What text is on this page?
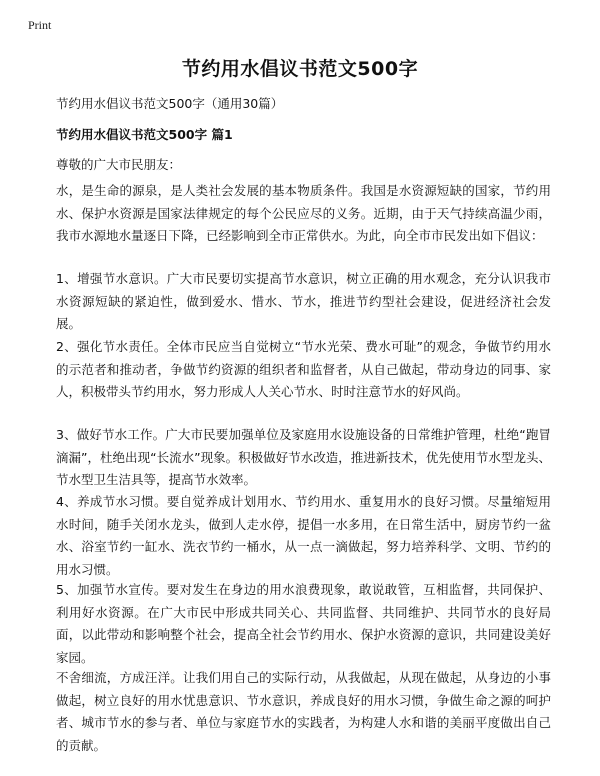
Print
节约用水倡议书范文500字
节约用水倡议书范文500字（通用30篇）
节约用水倡议书范文500字 篇1
尊敬的广大市民朋友：
水，是生命的源泉，是人类社会发展的基本物质条件。我国是水资源短缺的国家，节约用水、保护水资源是国家法律规定的每个公民应尽的义务。近期，由于天气持续高温少雨，我市水源地水量逐日下降，已经影响到全市正常供水。为此，向全市市民发出如下倡议：
1、增强节水意识。广大市民要切实提高节水意识，树立正确的用水观念，充分认识我市水资源短缺的紧迫性，做到爱水、惜水、节水，推进节约型社会建设，促进经济社会发展。
2、强化节水责任。全体市民应当自觉树立“节水光荣、费水可耻”的观念，争做节约用水的示范者和推动者，争做节约资源的组织者和监督者，从自己做起，带动身边的同事、家人，积极带头节约用水，努力形成人人关心节水、时时注意节水的好风尚。
3、做好节水工作。广大市民要加强单位及家庭用水设施设备的日常维护管理，杜绝“跑冒滴漏”，杜绝出现“长流水”现象。积极做好节水改造，推进新技术，优先使用节水型龙头、节水型卫生洁具等，提高节水效率。
4、养成节水习惯。要自觉养成计划用水、节约用水、重复用水的良好习惯。尽量缩短用水时间，随手关闭水龙头，做到人走水停，提倡一水多用，在日常生活中，厨房节约一盆水、浴室节约一缸水、洗衣节约一桶水，从一点一滴做起，努力培养科学、文明、节约的用水习惯。
5、加强节水宣传。要对发生在身边的用水浪费现象，敢说敢管，互相监督，共同保护、利用好水资源。在广大市民中形成共同关心、共同监督、共同维护、共同节水的良好局面，以此带动和影响整个社会，提高全社会节约用水、保护水资源的意识，共同建设美好家园。
不舍细流，方成汪洋。让我们用自己的实际行动，从我做起，从现在做起，从身边的小事做起，树立良好的用水忧患意识、节水意识，养成良好的用水习惯，争做生命之源的呵护者、城市节水的参与者、单位与家庭节水的实践者，为构建人水和谐的美丽平度做出自己的贡献。
